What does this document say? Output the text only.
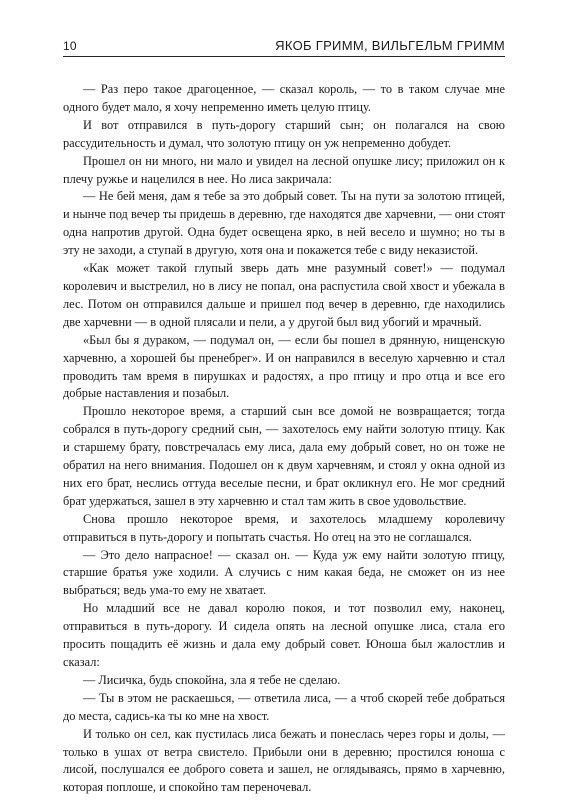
10	ЯКОБ ГРИММ, ВИЛЬГЕЛЬМ ГРИММ

— Раз перо такое драгоценное, — сказал король, — то в таком случае мне одного будет мало, я хочу непременно иметь целую птицу.

И вот отправился в путь-дорогу старший сын; он полагался на свою рассудительность и думал, что золотую птицу он уж непременно добудет.

Прошел он ни много, ни мало и увидел на лесной опушке лису; приложил он к плечу ружье и нацелился в нее. Но лиса закричала:

— Не бей меня, дам я тебе за это добрый совет. Ты на пути за золотою птицей, и нынче под вечер ты придешь в деревню, где находятся две харчевни, — они стоят одна напротив другой. Одна будет освещена ярко, в ней весело и шумно; но ты в эту не заходи, а ступай в другую, хотя она и покажется тебе с виду неказистой.

«Как может такой глупый зверь дать мне разумный совет!» — подумал королевич и выстрелил, но в лису не попал, она распустила свой хвост и убежала в лес. Потом он отправился дальше и пришел под вечер в деревню, где находились две харчевни — в одной плясали и пели, а у другой был вид убогий и мрачный.

«Был бы я дураком, — подумал он, — если бы пошел в дрянную, нищенскую харчевню, а хорошей бы пренебрег». И он направился в веселую харчевню и стал проводить там время в пирушках и радостях, а про птицу и про отца и все его добрые наставления и позабыл.

Прошло некоторое время, а старший сын все домой не возвращается; тогда собрался в путь-дорогу средний сын, — захотелось ему найти золотую птицу. Как и старшему брату, повстречалась ему лиса, дала ему добрый совет, но он тоже не обратил на него внимания. Подошел он к двум харчевням, и стоял у окна одной из них его брат, неслись оттуда веселые песни, и брат окликнул его. Не мог средний брат удержаться, зашел в эту харчевню и стал там жить в свое удовольствие.

Снова прошло некоторое время, и захотелось младшему королевичу отправиться в путь-дорогу и попытать счастья. Но отец на это не соглашался.

— Это дело напрасное! — сказал он. — Куда уж ему найти золотую птицу, старшие братья уже ходили. А случись с ним какая беда, не сможет он из нее выбраться; ведь ума-то ему не хватает.

Но младший все не давал королю покоя, и тот позволил ему, наконец, отправиться в путь-дорогу. И сидела опять на лесной опушке лиса, стала его просить пощадить её жизнь и дала ему добрый совет. Юноша был жалостлив и сказал:

— Лисичка, будь спокойна, зла я тебе не сделаю.

— Ты в этом не раскаешься, — ответила лиса, — а чтоб скорей тебе добраться до места, садись-ка ты ко мне на хвост.

И только он сел, как пустилась лиса бежать и понеслась через горы и долы, — только в ушах от ветра свистело. Прибыли они в деревню; простился юноша с лисой, послушался ее доброго совета и зашел, не оглядываясь, прямо в харчевню, которая поплоше, и спокойно там переночевал.
